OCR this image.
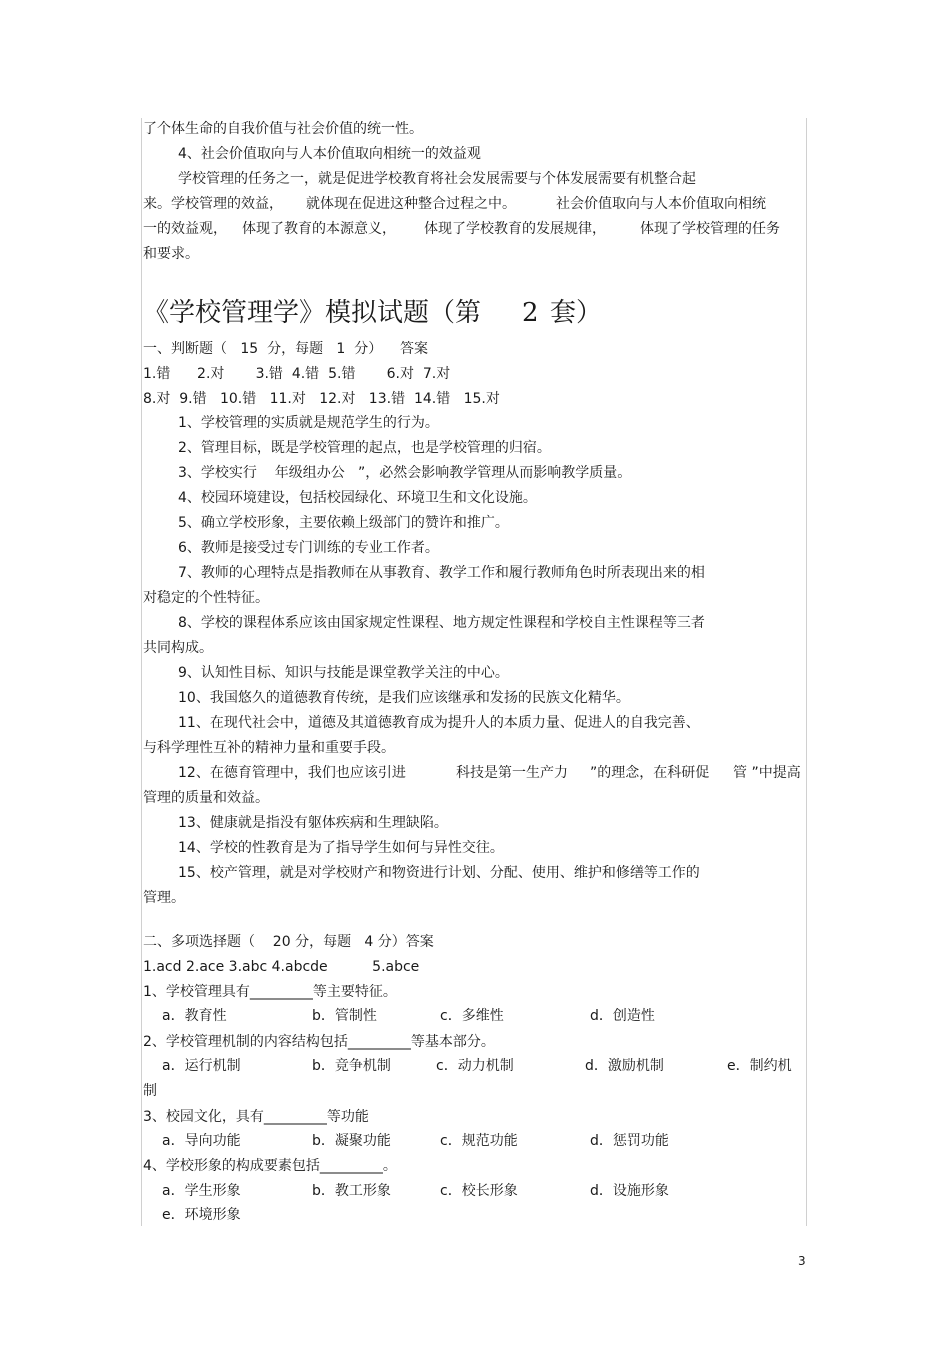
了个体生命的自我价值与社会价值的统一性。
4、社会价值取向与人本价值取向相统一的效益观
学校管理的任务之一，就是促进学校教育将社会发展需要与个体发展需要有机整合起
来。学校管理的效益， 就体现在促进这种整合过程之中。	社会价值取向与人本价值取向相统
一的效益观， 体现了教育的本源意义， 体现了学校教育的发展规律， 体现了学校管理的任务
和要求。
《学校管理学》模拟试题（第 2 套）
一、判断题（   15  分，每题   1  分）    答案
1.错      2.对       3.错  4.错  5.错       6.对  7.对
8.对  9.错   10.错   11.对   12.对   13.错  14.错   15.对
1、学校管理的实质就是规范学生的行为。
2、管理目标，既是学校管理的起点，也是学校管理的归宿。
3、学校实行    年级组办公   ”，必然会影响教学管理从而影响教学质量。
4、校园环境建设，包括校园绿化、环境卫生和文化设施。
5、确立学校形象，主要依赖上级部门的赞许和推广。
6、教师是接受过专门训练的专业工作者。
7、教师的心理特点是指教师在从事教育、教学工作和履行教师角色时所表现出来的相
对稳定的个性特征。
8、学校的课程体系应该由国家规定性课程、地方规定性课程和学校自主性课程等三者
共同构成。
9、认知性目标、知识与技能是课堂教学关注的中心。
10、我国悠久的道德教育传统，是我们应该继承和发扬的民族文化精华。
11、在现代社会中，道德及其道德教育成为提升人的本质力量、促进人的自我完善、
与科学理性互补的精神力量和重要手段。
12、在德育管理中，我们也应该引进	科技是第一生产力 ”的理念，在科研促 管 ”中提高
管理的质量和效益。
13、健康就是指没有躯体疾病和生理缺陷。
14、学校的性教育是为了指导学生如何与异性交往。
15、校产管理，就是对学校财产和物资进行计划、分配、使用、维护和修缮等工作的
管理。
二、多项选择题（    20 分，每题   4 分）答案
1.acd 2.ace 3.abc 4.abcde          5.abce
1、学校管理具有_________等主要特征。
a．教育性	b．管制性	c．多维性	d．创造性
2、学校管理机制的内容结构包括_________等基本部分。
a．运行机制	b．竞争机制	c．动力机制	d．激励机制	e．制约机
制
3、校园文化，具有_________等功能
a．导向功能	b．凝聚功能	c．规范功能	d．惩罚功能
4、学校形象的构成要素包括_________。
a．学生形象	b．教工形象	c．校长形象	d．设施形象
e．环境形象
3
